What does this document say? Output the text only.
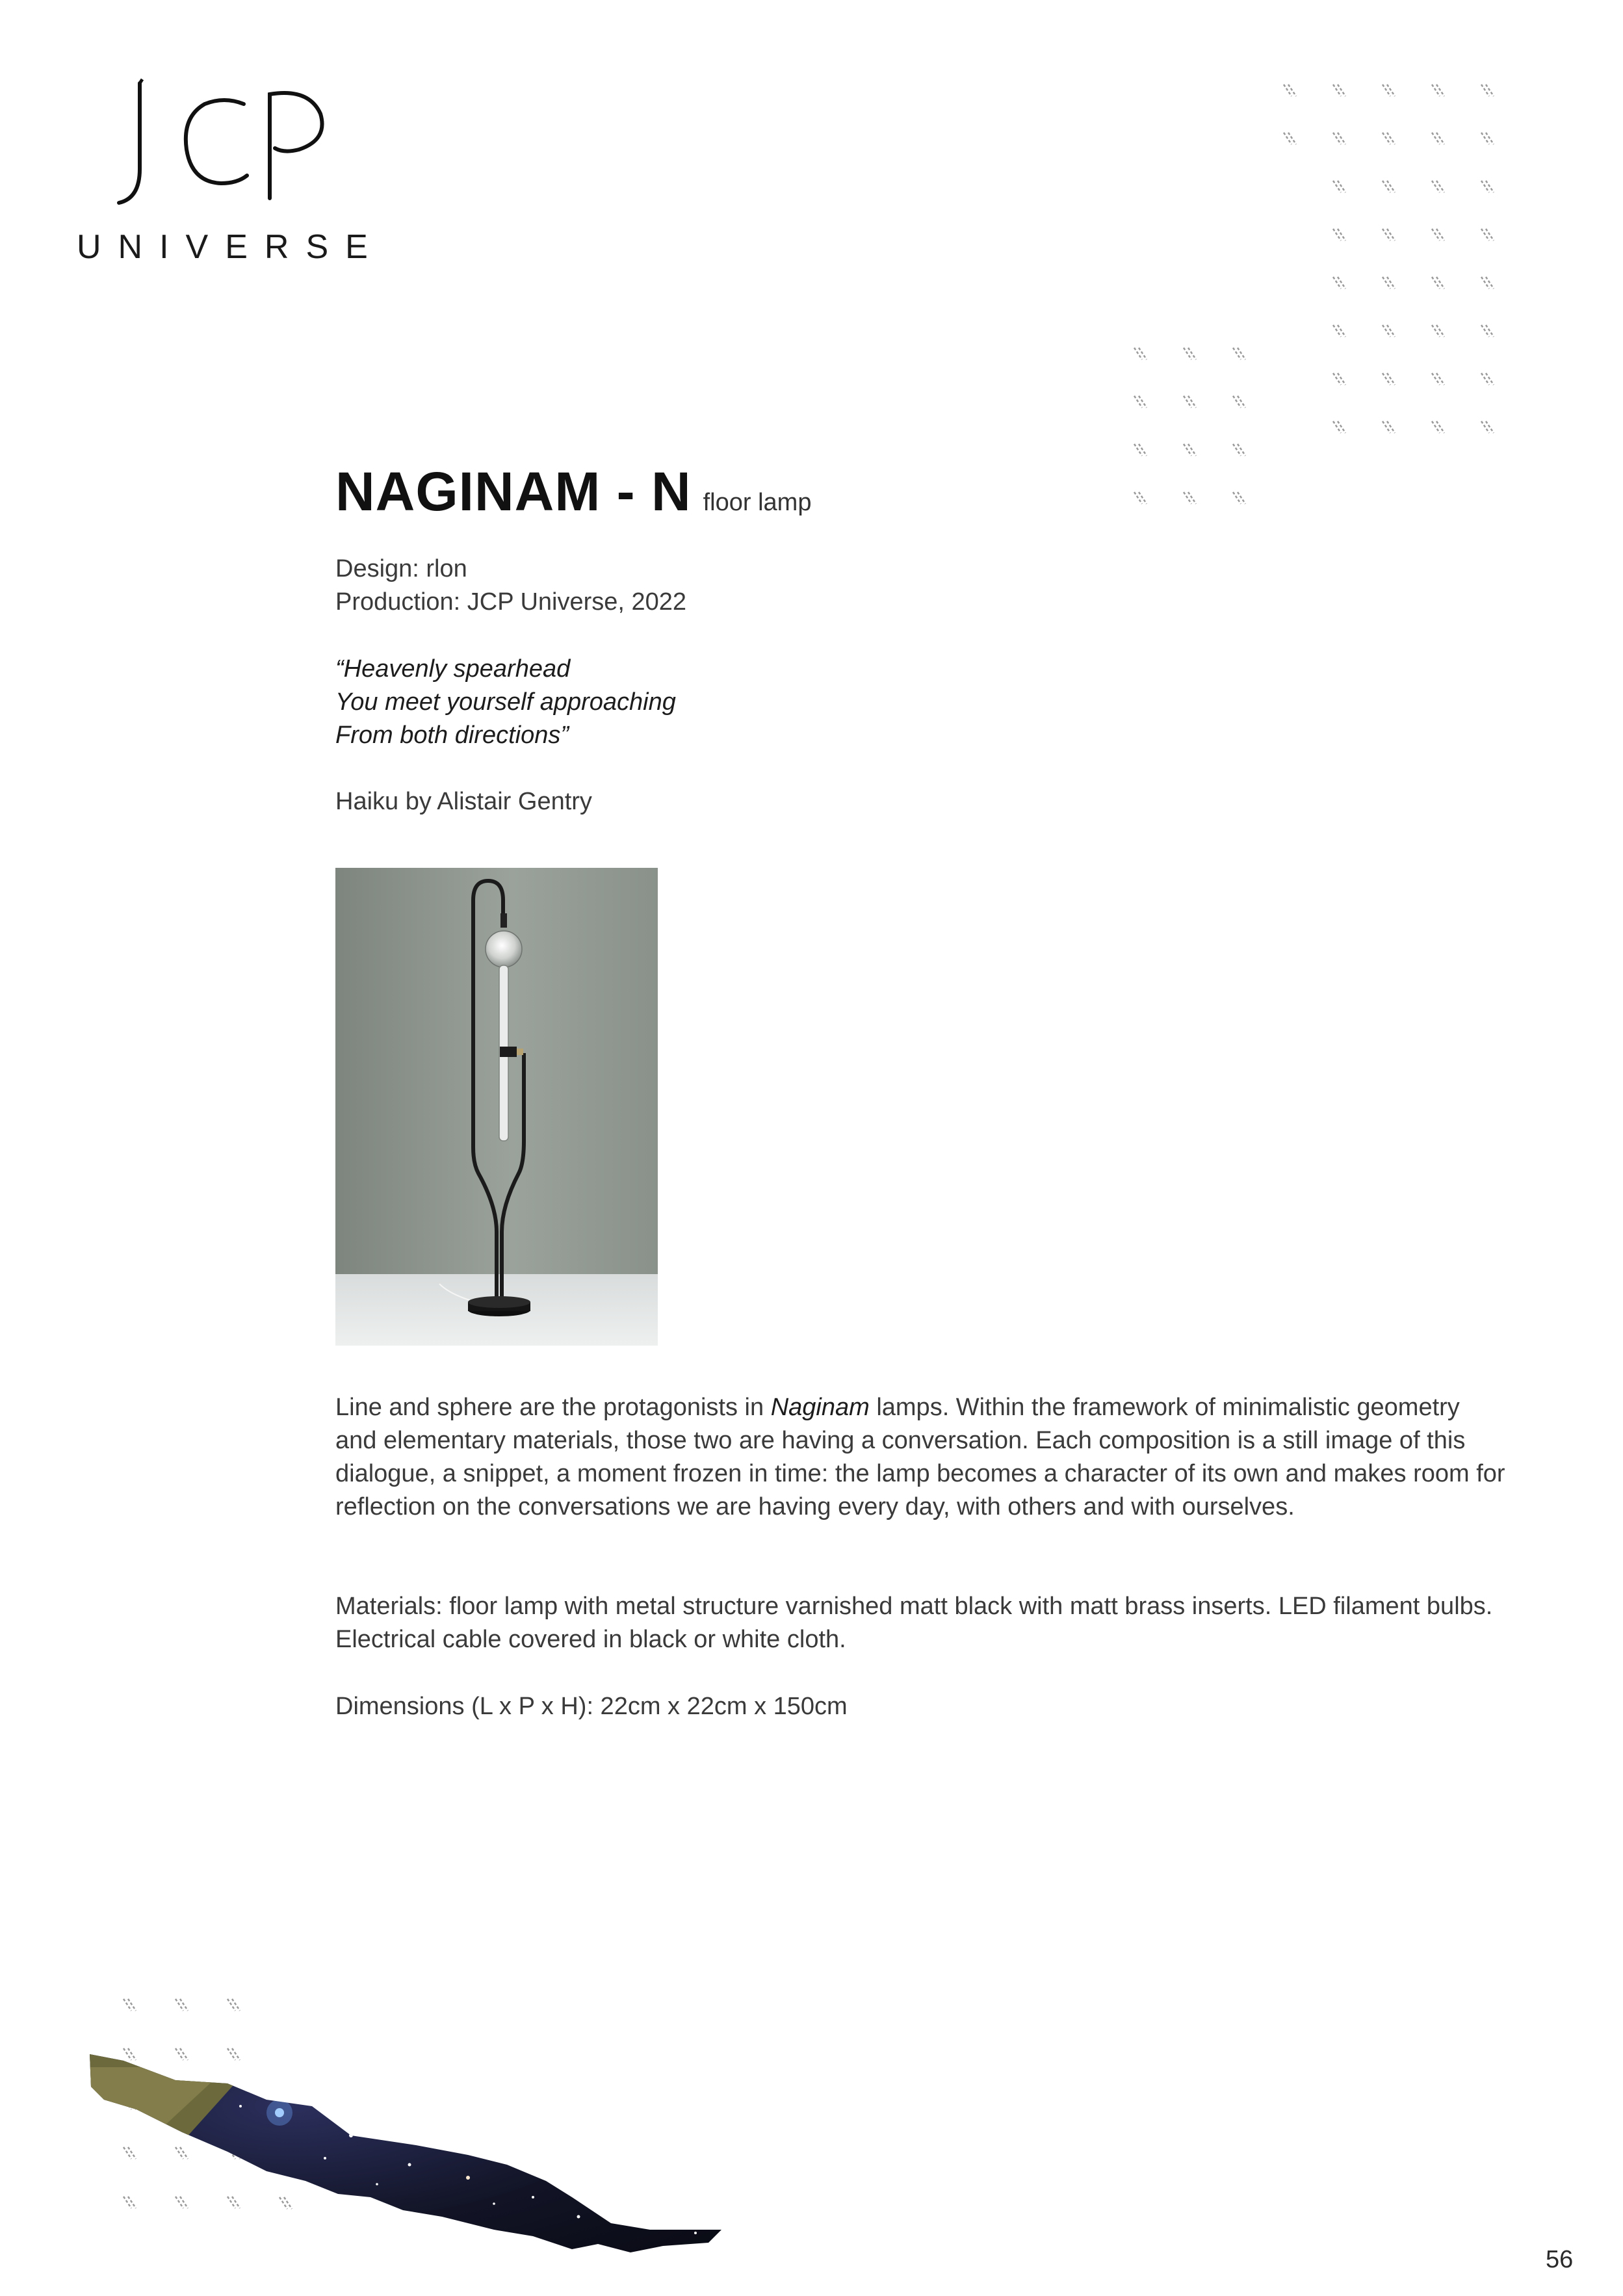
UNIVERSE
NAGINAM - N floor lamp
Design: rlon
Production: JCP Universe, 2022
“Heavenly spearhead
You meet yourself approaching
From both directions”
Haiku by Alistair Gentry
Line and sphere are the protagonists in Naginam lamps. Within the framework of minimalistic geometry and elementary materials, those two are having a conversation. Each composition is a still image of this dialogue, a snippet, a moment frozen in time: the lamp becomes a character of its own and makes room for reflection on the conversations we are having every day, with others and with ourselves.
Materials: floor lamp with metal structure varnished matt black with matt brass inserts. LED filament bulbs. Electrical cable covered in black or white cloth.
Dimensions (L x P x H): 22cm x 22cm x 150cm
56
